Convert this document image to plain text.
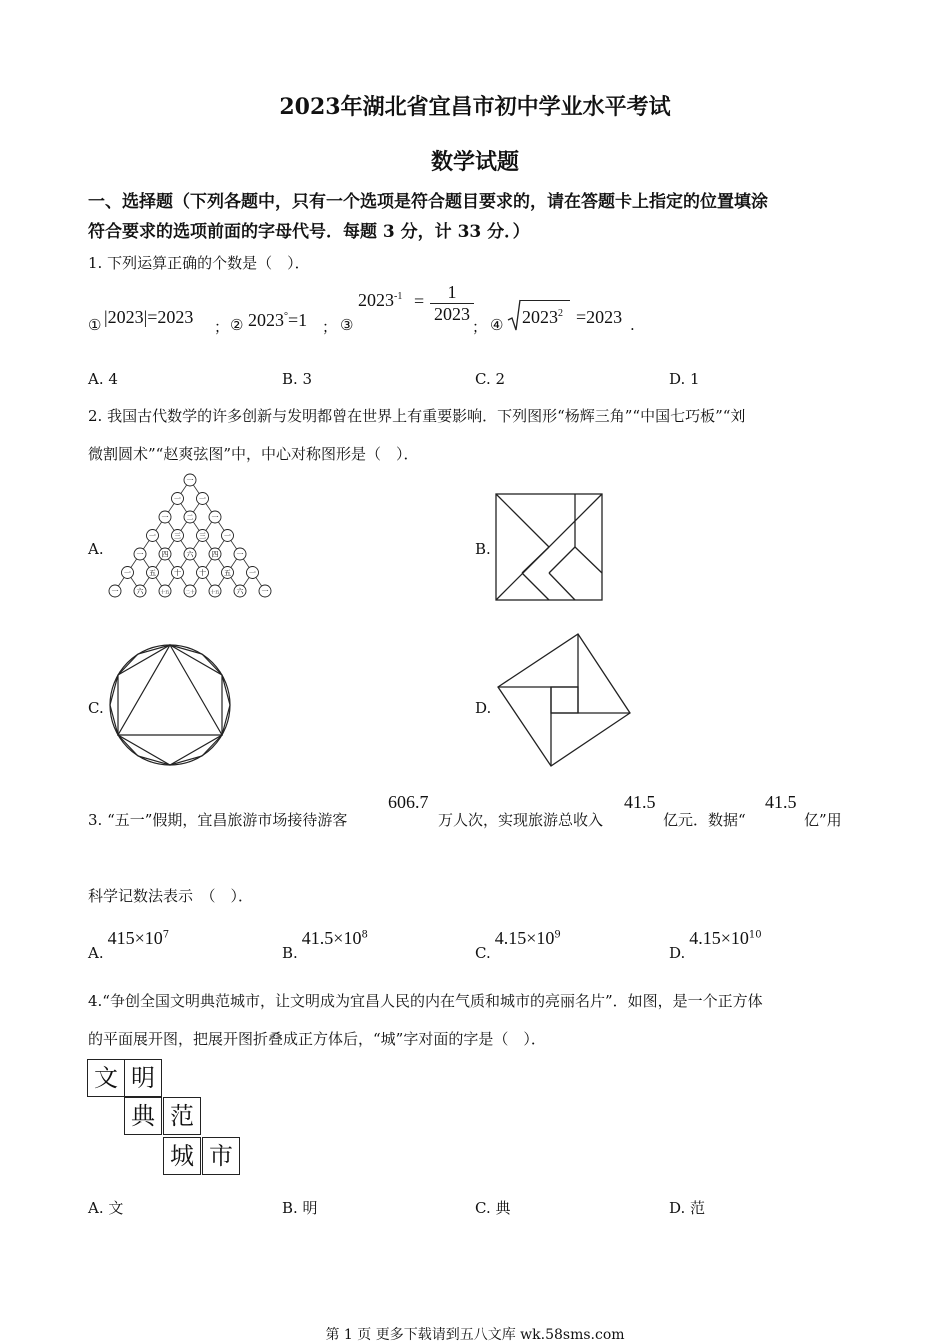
2023年湖北省宜昌市初中学业水平考试
数学试题
一、选择题（下列各题中，只有一个选项是符合题目要求的，请在答题卡上指定的位置填涂
符合要求的选项前面的字母代号．每题 3 分，计 33 分．）
1. 下列运算正确的个数是（　）．
① |2023|=2023 ； ② 2023°=1 ； ③
$2023^{-1} = \frac{1}{2023}$
； ④ $2023^2 =2023$ .
A. 4	B. 3	C. 2	D. 1
2. 我国古代数学的许多创新与发明都曾在世界上有重要影响．下列图形“杨辉三角”“中国七巧板”“刘
微割圆术”“赵爽弦图”中，中心对称图形是（　）．
A.
一
一	一
一	二	一
一	三	三	一
一	四	六	四	一
一	五	十	十	五	一
一	六	十五	二十	十五 六	一
B.
C.	D.
3. “五一”假期，宜昌旅游市场接待游客
606.7
万人次，实现旅游总收入
41.5
亿元．数据“
41.5
亿”用
科学记数法表示　（　）．
$A.415\times 10^7$
$B.41.5\times 10^8$
$C.4.15\times 10^9$
$D.4.15\times 10^{10}$
4.“争创全国文明典范城市，让文明成为宜昌人民的内在气质和城市的亮丽名片”．如图，是一个正方体
的平面展开图，把展开图折叠成正方体后，“城”字对面的字是（　）．
文 明
典 范
城 市
A. 文	B. 明	C. 典	D. 范
第 1 页 更多下载请到五八文库 wk.58sms.com
